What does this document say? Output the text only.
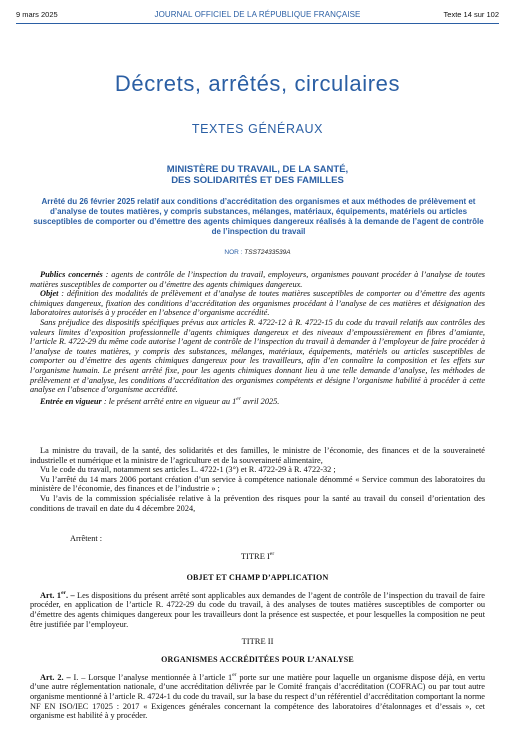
9 mars 2025	JOURNAL OFFICIEL DE LA RÉPUBLIQUE FRANÇAISE	Texte 14 sur 102
Décrets, arrêtés, circulaires
TEXTES GÉNÉRAUX
MINISTÈRE DU TRAVAIL, DE LA SANTÉ,
DES SOLIDARITÉS ET DES FAMILLES
Arrêté du 26 février 2025 relatif aux conditions d’accréditation des organismes et aux méthodes de prélèvement et d’analyse de toutes matières, y compris substances, mélanges, matériaux, équipements, matériels ou articles susceptibles de comporter ou d’émettre des agents chimiques dangereux réalisés à la demande de l’agent de contrôle de l’inspection du travail
NOR : TSST2433539A

Publics concernés : agents de contrôle de l’inspection du travail, employeurs, organismes pouvant procéder à l’analyse de toutes matières susceptibles de comporter ou d’émettre des agents chimiques dangereux.

Objet : définition des modalités de prélèvement et d’analyse de toutes matières susceptibles de comporter ou d’émettre des agents chimiques dangereux, fixation des conditions d’accréditation des organismes procédant à l’analyse de ces matières et désignation des laboratoires autorisés à y procéder en l’absence d’organisme accrédité.

Sans préjudice des dispositifs spécifiques prévus aux articles R. 4722-12 à R. 4722-15 du code du travail relatifs aux contrôles des valeurs limites d’exposition professionnelle d’agents chimiques dangereux et des niveaux d’empoussièrement en fibres d’amiante, l’article R. 4722-29 du même code autorise l’agent de contrôle de l’inspection du travail à demander à l’employeur de faire procéder à l’analyse de toutes matières, y compris des substances, mélanges, matériaux, équipements, matériels ou articles susceptibles de comporter ou d’émettre des agents chimiques dangereux pour les travailleurs, afin d’en connaître la composition et les effets sur l’organisme humain. Le présent arrêté fixe, pour les agents chimiques donnant lieu à une telle demande d’analyse, les méthodes de prélèvement et d’analyse, les conditions d’accréditation des organismes compétents et désigne l’organisme habilité à procéder à cette analyse en l’absence d’organisme accrédité.

Entrée en vigueur : le présent arrêté entre en vigueur au 1er avril 2025.

La ministre du travail, de la santé, des solidarités et des familles, le ministre de l’économie, des finances et de la souveraineté industrielle et numérique et la ministre de l’agriculture et de la souveraineté alimentaire,

Vu le code du travail, notamment ses articles L. 4722-1 (3°) et R. 4722-29 à R. 4722-32 ;

Vu l’arrêté du 14 mars 2006 portant création d’un service à compétence nationale dénommé « Service commun des laboratoires du ministère de l’économie, des finances et de l’industrie » ;

Vu l’avis de la commission spécialisée relative à la prévention des risques pour la santé au travail du conseil d’orientation des conditions de travail en date du 4 décembre 2024,

Arrêtent :

TITRE Ier
OBJET ET CHAMP D’APPLICATION

Art. 1er. – Les dispositions du présent arrêté sont applicables aux demandes de l’agent de contrôle de l’inspection du travail de faire procéder, en application de l’article R. 4722-29 du code du travail, à des analyses de toutes matières susceptibles de comporter ou d’émettre des agents chimiques dangereux pour les travailleurs dont la présence est suspectée, et pour lesquelles la composition ne peut être justifiée par l’employeur.

TITRE II
ORGANISMES ACCRÉDITÉES POUR L’ANALYSE

Art. 2. – I. – Lorsque l’analyse mentionnée à l’article 1er porte sur une matière pour laquelle un organisme dispose déjà, en vertu d’une autre réglementation nationale, d’une accréditation délivrée par le Comité français d’accréditation (COFRAC) ou par tout autre organisme mentionné à l’article R. 4724-1 du code du travail, sur la base du respect d’un référentiel d’accréditation comportant la norme NF EN ISO/IEC 17025 : 2017 « Exigences générales concernant la compétence des laboratoires d’étalonnages et d’essais », cet organisme est habilité à y procéder.
